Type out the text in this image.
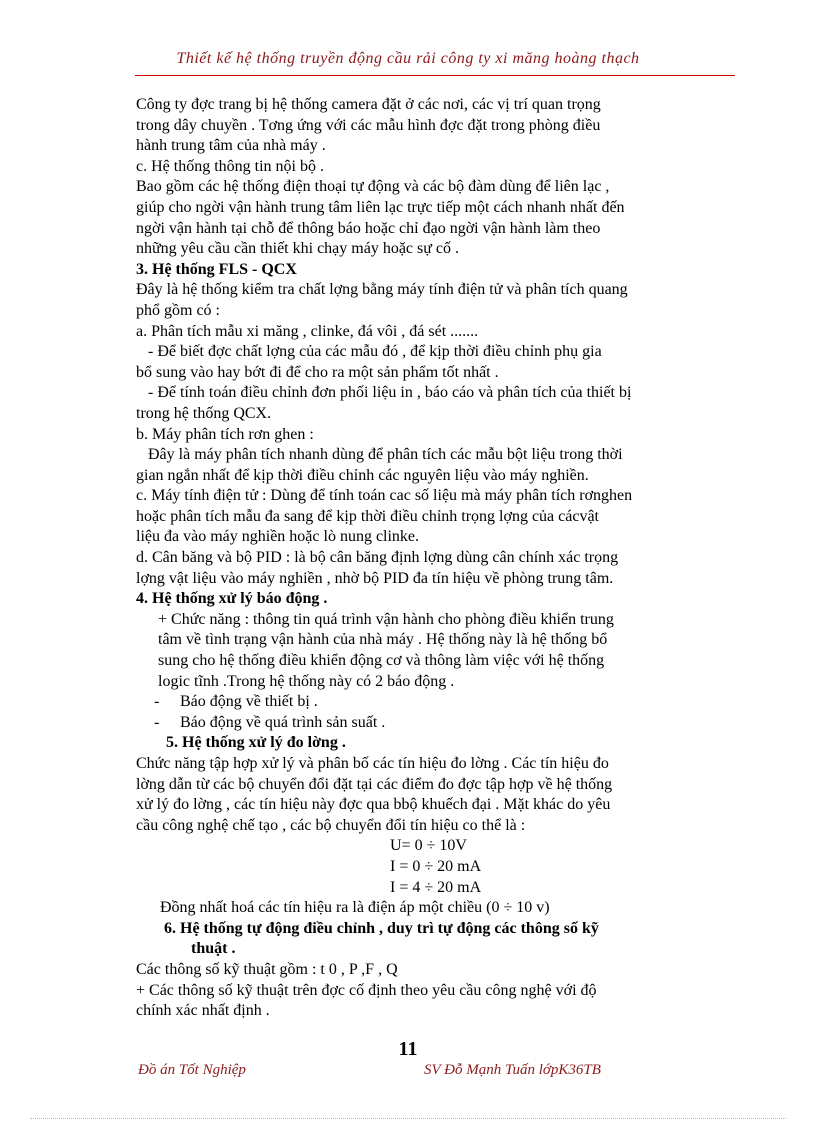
Thiết kế hệ thống truyền động cầu rải công ty xi măng hoàng thạch

Công ty đợc trang bị hệ thống camera đặt ở các nơi, các vị trí quan trọng

trong dây chuyền . Tơng ứng với các mẫu hình đợc đặt trong phòng điều

hành trung tâm của nhà máy .

c. Hệ thống thông tin nội bộ .

Bao gồm các hệ thống điện thoại tự động và các bộ đàm dùng để liên lạc ,

giúp cho ngời vận hành trung tâm liên lạc trực tiếp một cách nhanh nhất đến

ngời vận hành tại chỗ để thông báo hoặc chỉ đạo ngời vận hành làm theo

những yêu cầu cần thiết khi chạy máy hoặc sự cố .

3. Hệ thống FLS - QCX

Đây là hệ thống kiểm tra chất lợng bằng máy tính điện tử và phân tích quang

phổ gồm có :

a. Phân tích mẫu xi măng , clinke, đá vôi , đá sét .......

- Để biết đợc chất lợng của các mẫu đó , để kịp thời điều chỉnh phụ gia

bổ sung vào hay bớt đi để cho ra một sản phẩm tốt nhất .

- Để tính toán điều chỉnh đơn phối liệu in , báo cáo và phân tích của thiết bị

trong hệ thống QCX.

b. Máy phân tích rơn ghen :

Đây là máy phân tích nhanh dùng để phân tích các mẫu bột liệu trong thời

gian ngắn nhất để kịp thời điều chỉnh các nguyên liệu vào máy nghiền.

c. Máy tính điện tử : Dùng để tính toán cac số liệu mà máy phân tích rơnghen

hoặc phân tích mẫu đa sang để kịp thời điều chỉnh trọng lợng của cácvật

liệu đa vào máy nghiền hoặc lò nung clinke.

d. Cân băng và bộ PID : là bộ cân băng định lợng dùng cân chính xác trọng

lợng vật liệu vào máy nghiền , nhờ bộ PID đa tín hiệu về phòng trung tâm.

4. Hệ thống xử lý báo động .

+ Chức năng : thông tin quá trình vận hành cho phòng điều khiển trung

tâm về tình trạng vận hành của nhà máy . Hệ thống này là hệ thống bổ

sung cho hệ thống điều khiển động cơ và thông làm việc với hệ thống

logic tĩnh .Trong hệ thống này có 2 báo động .

-	Báo động về thiết bị .
-	Báo động về quá trình sản suất .

5. Hệ thống xử lý đo lờng .

Chức năng tập hợp xử lý và phân bố các tín hiệu đo lờng . Các tín hiệu đo

lờng dẫn từ các bộ chuyển đổi đặt tại các điểm đo đợc tập hợp về hệ thống

xử lý đo lờng , các tín hiệu này đợc qua bbộ khuếch đại . Mặt khác do yêu

cầu công nghệ chế tạo , các bộ chuyển đổi tín hiệu co thể là :

U= 0 ÷ 10V

I = 0 ÷ 20 mA

I = 4 ÷ 20 mA

Đồng nhất hoá các tín hiệu ra là điện áp một chiều (0 ÷ 10 v)

6. Hệ thống tự động điều chỉnh , duy trì tự động các thông số kỹ

thuật .

Các thông số kỹ thuật gồm : t 0 , P ,F , Q

+ Các thông số kỹ thuật trên đợc cố định theo yêu cầu công nghệ với độ

chính xác nhất định .

11
Đồ án Tốt Nghiệp	SV Đỗ Mạnh Tuấn lớpK36TB
